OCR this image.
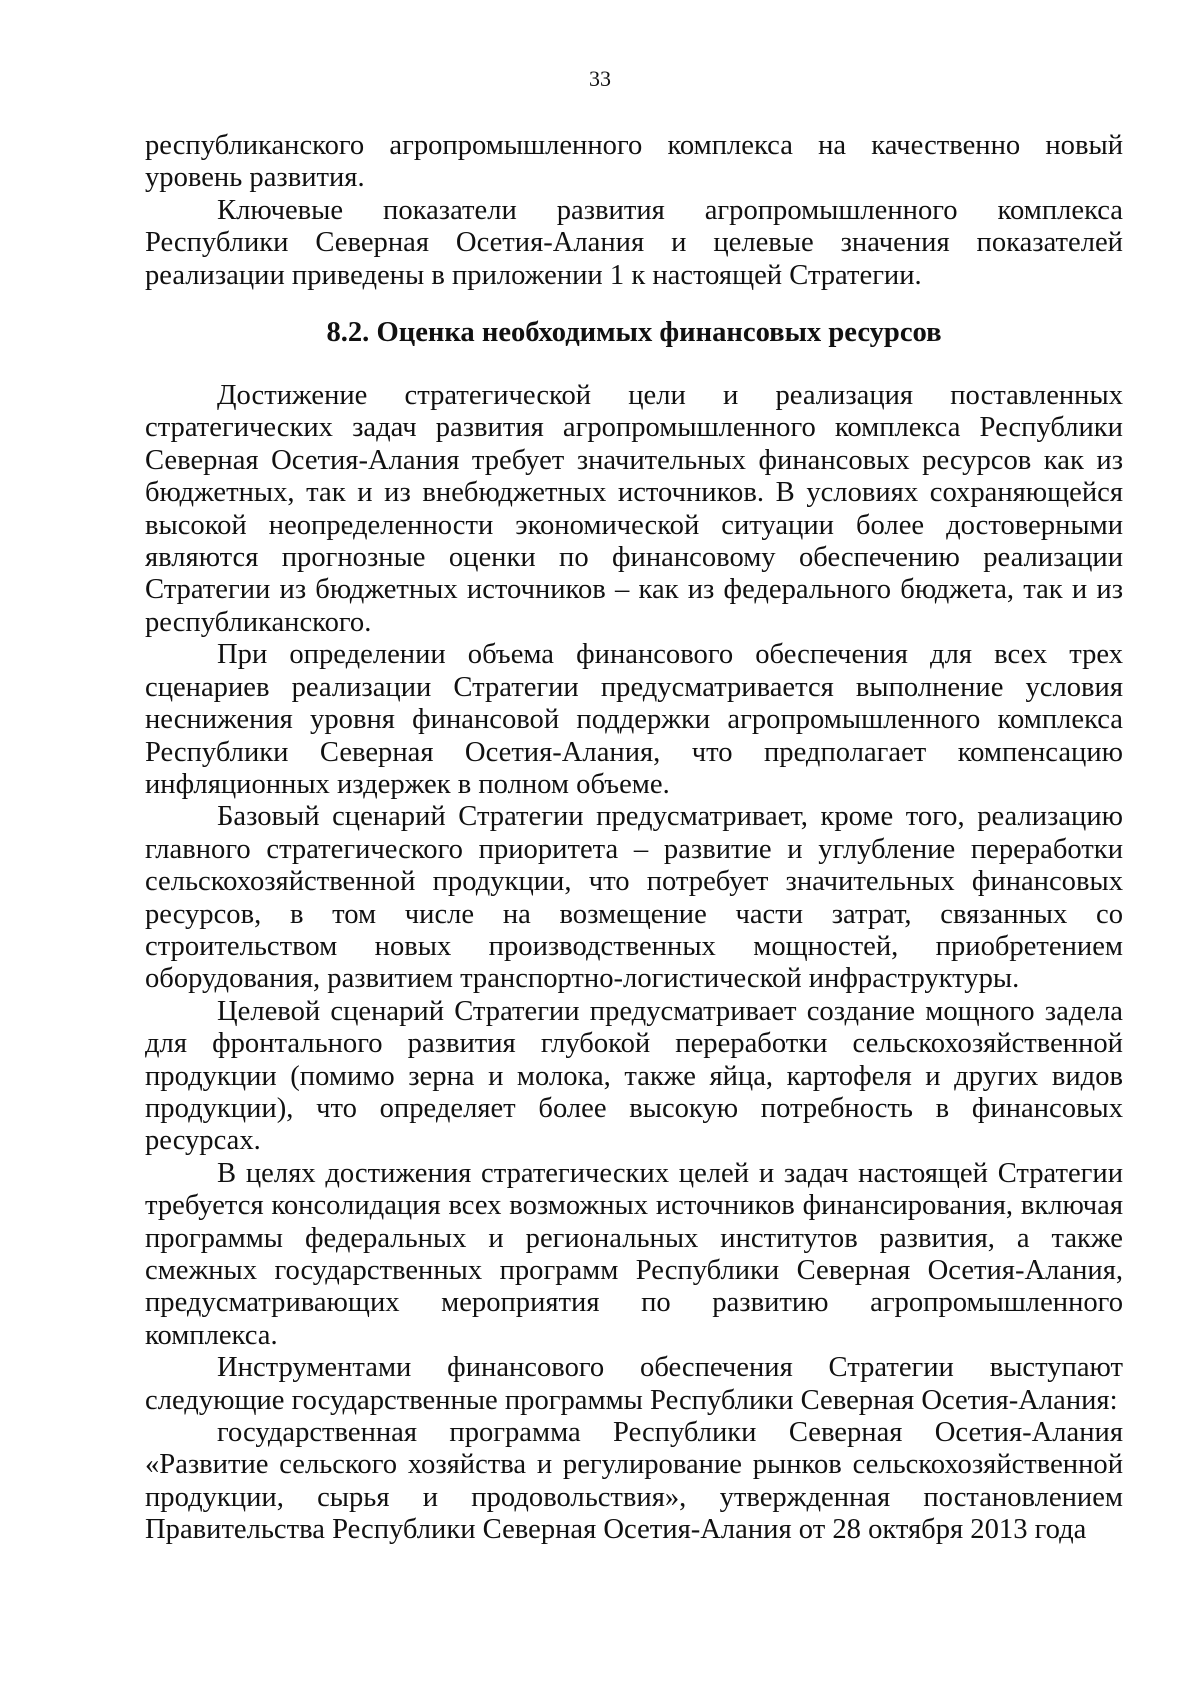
33

республиканского агропромышленного комплекса на качественно новый уровень развития.

Ключевые показатели развития агропромышленного комплекса Республики Северная Осетия-Алания и целевые значения показателей реализации приведены в приложении 1 к настоящей Стратегии.

8.2. Оценка необходимых финансовых ресурсов

Достижение стратегической цели и реализация поставленных стратегических задач развития агропромышленного комплекса Республики Северная Осетия-Алания требует значительных финансовых ресурсов как из бюджетных, так и из внебюджетных источников. В условиях сохраняющейся высокой неопределенности экономической ситуации более достоверными являются прогнозные оценки по финансовому обеспечению реализации Стратегии из бюджетных источников – как из федерального бюджета, так и из республиканского.

При определении объема финансового обеспечения для всех трех сценариев реализации Стратегии предусматривается выполнение условия неснижения уровня финансовой поддержки агропромышленного комплекса Республики Северная Осетия-Алания, что предполагает компенсацию инфляционных издержек в полном объеме.

Базовый сценарий Стратегии предусматривает, кроме того, реализацию главного стратегического приоритета – развитие и углубление переработки сельскохозяйственной продукции, что потребует значительных финансовых ресурсов, в том числе на возмещение части затрат, связанных со строительством новых производственных мощностей, приобретением оборудования, развитием транспортно-логистической инфраструктуры.

Целевой сценарий Стратегии предусматривает создание мощного задела для фронтального развития глубокой переработки сельскохозяйственной продукции (помимо зерна и молока, также яйца, картофеля и других видов продукции), что определяет более высокую потребность в финансовых ресурсах.

В целях достижения стратегических целей и задач настоящей Стратегии требуется консолидация всех возможных источников финансирования, включая программы федеральных и региональных институтов развития, а также смежных государственных программ Республики Северная Осетия-Алания, предусматривающих мероприятия по развитию агропромышленного комплекса.

Инструментами финансового обеспечения Стратегии выступают следующие государственные программы Республики Северная Осетия-Алания:

государственная программа Республики Северная Осетия-Алания «Развитие сельского хозяйства и регулирование рынков сельскохозяйственной продукции, сырья и продовольствия», утвержденная постановлением Правительства Республики Северная Осетия-Алания от 28 октября 2013 года
